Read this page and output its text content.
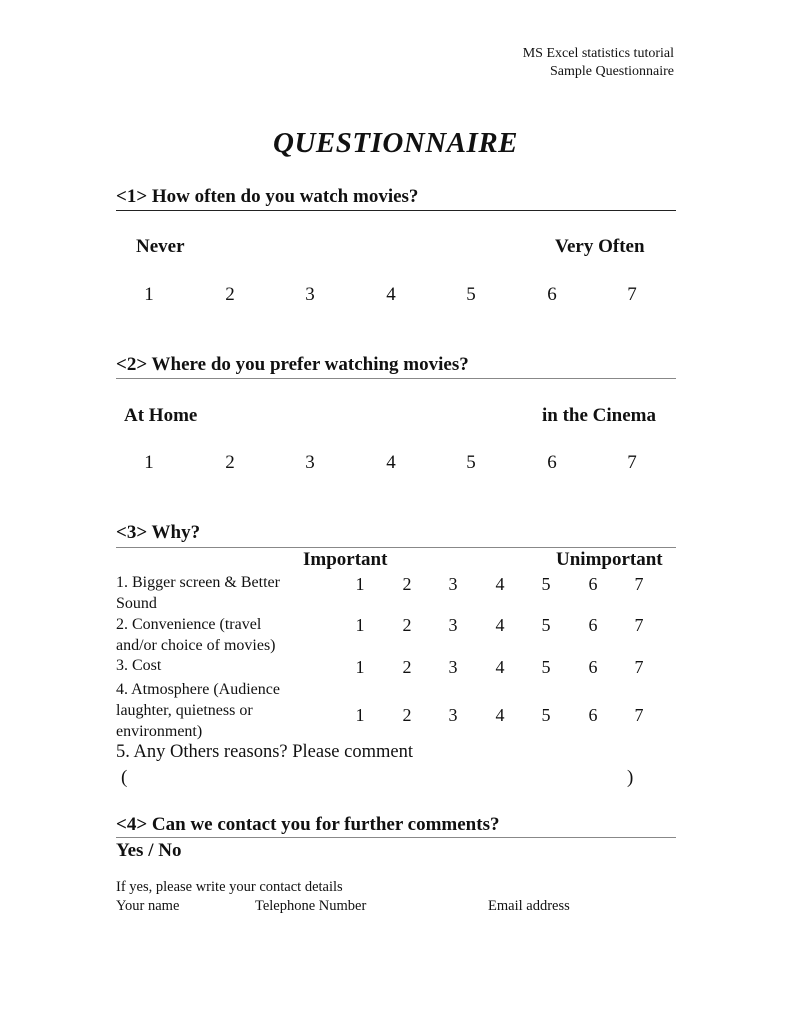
MS Excel statistics tutorial
Sample Questionnaire
QUESTIONNAIRE
<1> How often do you watch movies?
Never	Very Often
1	2	3	4	5	6	7
<2> Where do you prefer watching movies?
At Home	in the Cinema
1	2	3	4	5	6	7
<3> Why?
Important	Unimportant
1. Bigger screen & Better
Sound
1	2	3	4	5	6	7
2. Convenience (travel
and/or choice of movies)
1	2	3	4	5	6	7
3. Cost	1	2	3	4	5	6	7
4. Atmosphere (Audience
laughter, quietness or
environment)
1	2	3	4	5	6	7
5. Any Others reasons? Please comment
(	)
<4> Can we contact you for further comments?
Yes / No
If yes, please write your contact details
Your name	Telephone Number	Email address
